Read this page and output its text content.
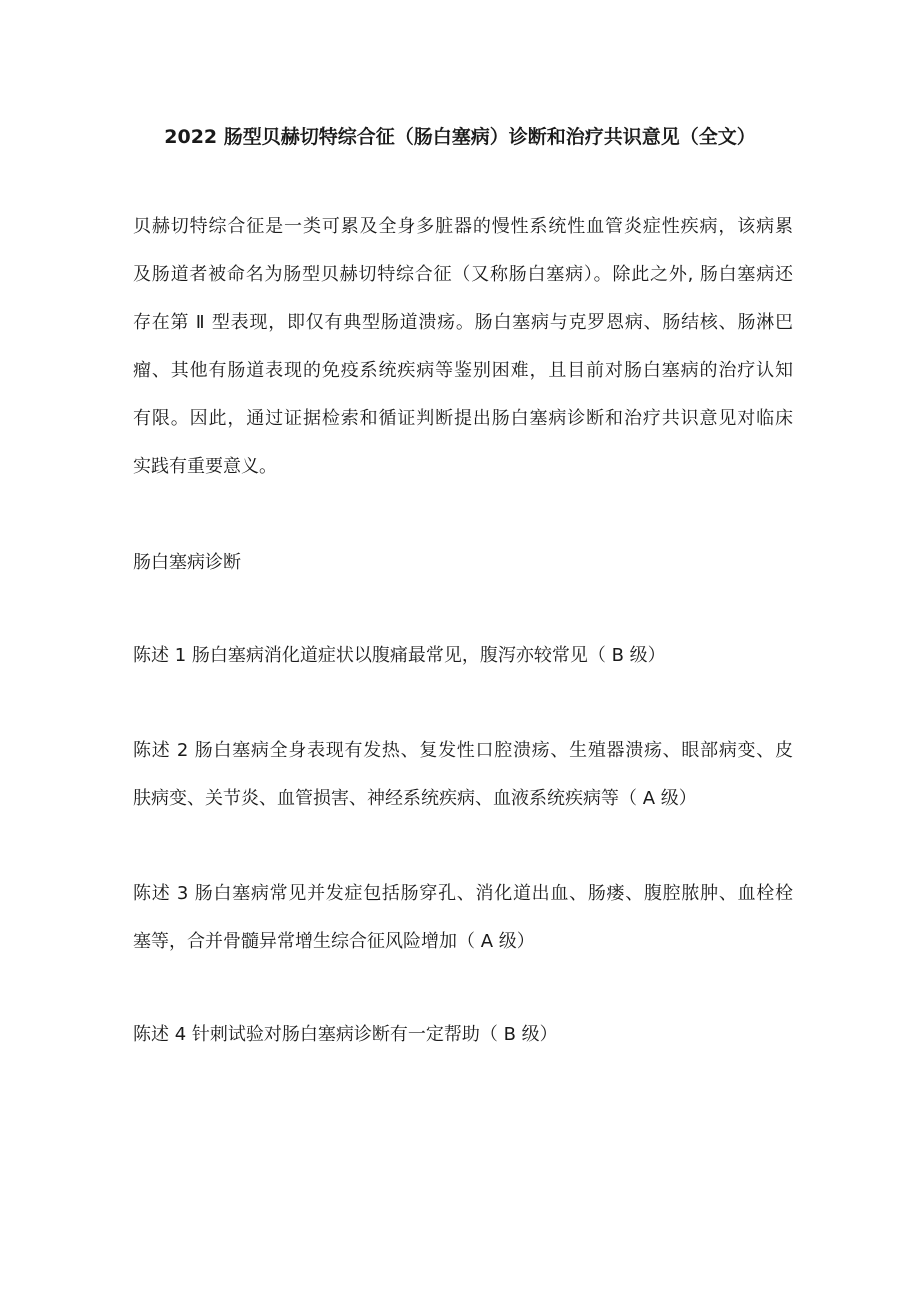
2022 肠型贝赫切特综合征（肠白塞病）诊断和治疗共识意见（全文）
贝赫切特综合征是一类可累及全身多脏器的慢性系统性血管炎症性疾病，该病累
及肠道者被命名为肠型贝赫切特综合征（又称肠白塞病）。除此之外, 肠白塞病还
存在第 Ⅱ 型表现，即仅有典型肠道溃疡。肠白塞病与克罗恩病、肠结核、肠淋巴
瘤、其他有肠道表现的免疫系统疾病等鉴别困难，且目前对肠白塞病的治疗认知
有限。因此，通过证据检索和循证判断提出肠白塞病诊断和治疗共识意见对临床
实践有重要意义。
肠白塞病诊断
陈述 1 肠白塞病消化道症状以腹痛最常见，腹泻亦较常见（ B 级）
陈述 2 肠白塞病全身表现有发热、复发性口腔溃疡、生殖器溃疡、眼部病变、皮
肤病变、关节炎、血管损害、神经系统疾病、血液系统疾病等（ A 级）
陈述 3 肠白塞病常见并发症包括肠穿孔、消化道出血、肠瘘、腹腔脓肿、血栓栓
塞等，合并骨髓异常增生综合征风险增加（ A 级）
陈述 4 针刺试验对肠白塞病诊断有一定帮助（ B 级）
